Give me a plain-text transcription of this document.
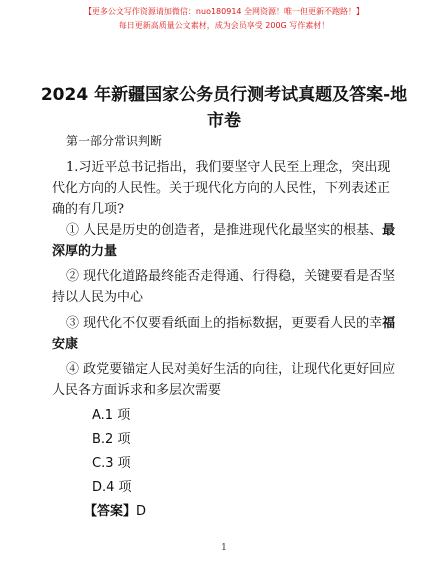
【更多公文写作资源请加微信：nuo180914 全网资源！唯一但更新不跑路！】
每日更新高质量公文素材，成为会员享受 200G 写作素材！
2024 年新疆国家公务员行测考试真题及答案-地市卷
第一部分常识判断
1.习近平总书记指出，我们要坚守人民至上理念，突出现代化方向的人民性。关于现代化方向的人民性，下列表述正确的有几项?
① 人民是历史的创造者，是推进现代化最坚实的根基、最深厚的力量
② 现代化道路最终能否走得通、行得稳，关键要看是否坚持以人民为中心
③ 现代化不仅要看纸面上的指标数据，更要看人民的幸福安康
④ 政党要锚定人民对美好生活的向往，让现代化更好回应人民各方面诉求和多层次需要
A.1 项
B.2 项
C.3 项
D.4 项
【答案】D
1
